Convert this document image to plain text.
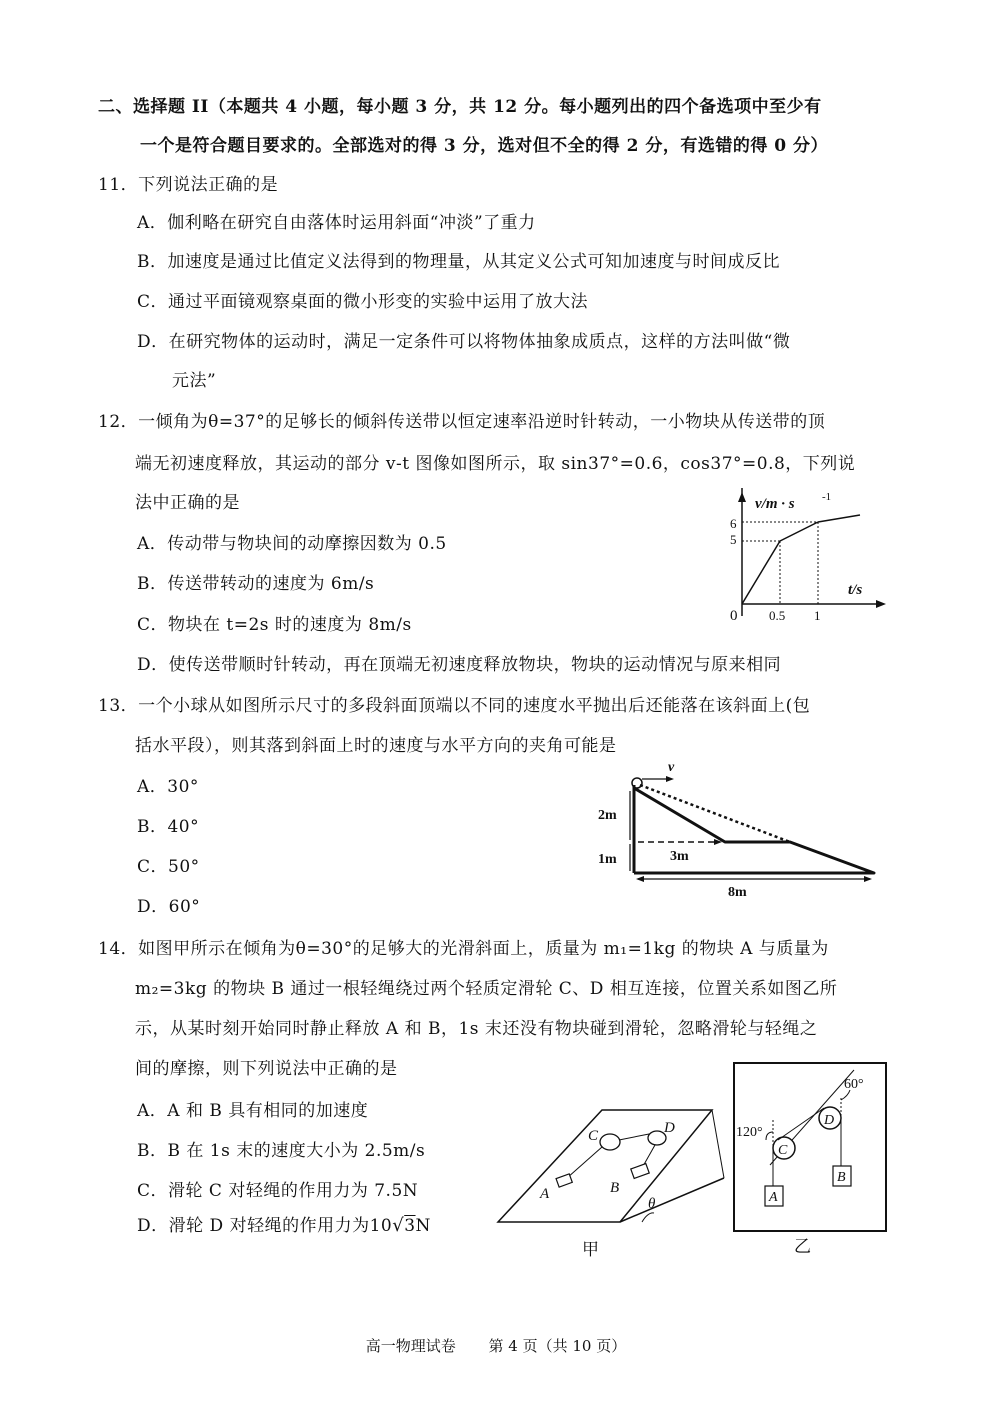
二、选择题 II（本题共 4 小题，每小题 3 分，共 12 分。每小题列出的四个备选项中至少有
一个是符合题目要求的。全部选对的得 3 分，选对但不全的得 2 分，有选错的得 0 分）
11．下列说法正确的是
A．伽利略在研究自由落体时运用斜面“冲淡”了重力
B．加速度是通过比值定义法得到的物理量，从其定义公式可知加速度与时间成反比
C．通过平面镜观察桌面的微小形变的实验中运用了放大法
D．在研究物体的运动时，满足一定条件可以将物体抽象成质点，这样的方法叫做“微
元法”
12．一倾角为θ=37°的足够长的倾斜传送带以恒定速率沿逆时针转动，一小物块从传送带的顶
端无初速度释放，其运动的部分 v-t 图像如图所示，取 sin37°=0.6，cos37°=0.8，下列说
法中正确的是
A．传动带与物块间的动摩擦因数为 0.5
B．传送带转动的速度为 6m/s
C．物块在 t=2s 时的速度为 8m/s
D．使传送带顺时针转动，再在顶端无初速度释放物块，物块的运动情况与原来相同
v/m · s -1
t/s
0 0.5 1
6
5
13．一个小球从如图所示尺寸的多段斜面顶端以不同的速度水平抛出后还能落在该斜面上(包
括水平段），则其落到斜面上时的速度与水平方向的夹角可能是
A．30°
B．40°
C．50°
D．60°
v
2m
1m	3m
8m
14．如图甲所示在倾角为θ=30°的足够大的光滑斜面上，质量为 m₁=1kg 的物块 A 与质量为
m₂=3kg 的物块 B 通过一根轻绳绕过两个轻质定滑轮 C、D 相互连接，位置关系如图乙所
示，从某时刻开始同时静止释放 A 和 B，1s 末还没有物块碰到滑轮，忽略滑轮与轻绳之
间的摩擦，则下列说法中正确的是
A．A 和 B 具有相同的加速度
B．B 在 1s 末的速度大小为 2.5m/s
C．滑轮 C 对轻绳的作用力为 7.5N
D．滑轮 D 对轻绳的作用力为10√3N
A	B
C	D
θ
甲
60°
120°
C
D
A
B
乙
高一物理试卷 第 4 页（共 10 页）
